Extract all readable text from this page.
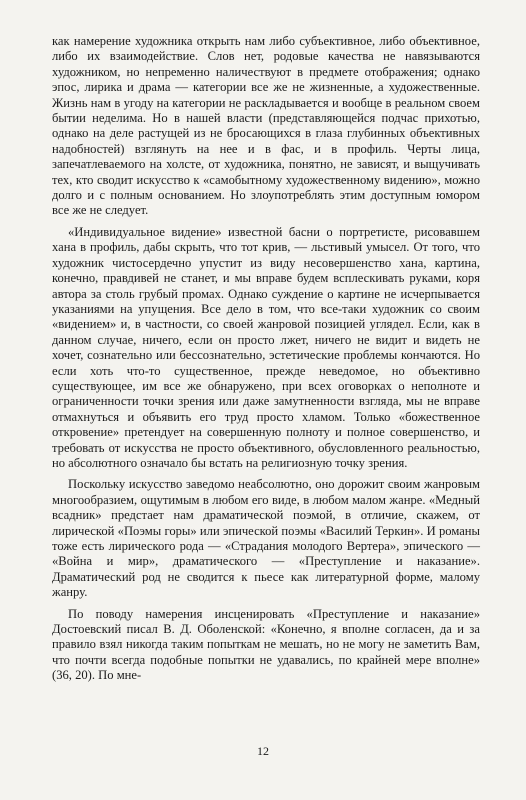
как намерение художника открыть нам либо субъективное, либо объективное, либо их взаимодействие. Слов нет, родовые качества не навязываются художником, но непременно наличествуют в предмете отображения; однако эпос, лирика и драма — категории все же не жизненные, а художественные. Жизнь нам в угоду на категории не раскладывается и вообще в реальном своем бытии неделима. Но в нашей власти (представляющейся подчас прихотью, однако на деле растущей из не бросающихся в глаза глубинных объективных надобностей) взглянуть на нее и в фас, и в профиль. Черты лица, запечатлеваемого на холсте, от художника, понятно, не зависят, и выщучивать тех, кто сводит искусство к «самобытному художественному видению», можно долго и с полным основанием. Но злоупотреблять этим доступным юмором все же не следует.

«Индивидуальное видение» известной басни о портретисте, рисовавшем хана в профиль, дабы скрыть, что тот крив, — льстивый умысел. От того, что художник чистосердечно упустит из виду несовершенство хана, картина, конечно, правдивей не станет, и мы вправе будем всплескивать руками, коря автора за столь грубый промах. Однако суждение о картине не исчерпывается указаниями на упущения. Все дело в том, что все-таки художник со своим «видением» и, в частности, со своей жанровой позицией углядел. Если, как в данном случае, ничего, если он просто лжет, ничего не видит и видеть не хочет, сознательно или бессознательно, эстетические проблемы кончаются. Но если хоть что-то существенное, прежде неведомое, но объективно существующее, им все же обнаружено, при всех оговорках о неполноте и ограниченности точки зрения или даже замутненности взгляда, мы не вправе отмахнуться и объявить его труд просто хламом. Только «божественное откровение» претендует на совершенную полноту и полное совершенство, и требовать от искусства не просто объективного, обусловленного реальностью, но абсолютного означало бы встать на религиозную точку зрения.

Поскольку искусство заведомо неабсолютно, оно дорожит своим жанровым многообразием, ощутимым в любом его виде, в любом малом жанре. «Медный всадник» предстает нам драматической поэмой, в отличие, скажем, от лирической «Поэмы горы» или эпической поэмы «Василий Теркин». И романы тоже есть лирического рода — «Страдания молодого Вертера», эпического — «Война и мир», драматического — «Преступление и наказание». Драматический род не сводится к пьесе как литературной форме, малому жанру.

По поводу намерения инсценировать «Преступление и наказание» Достоевский писал В. Д. Оболенской: «Конечно, я вполне согласен, да и за правило взял никогда таким попыткам не мешать, но не могу не заметить Вам, что почти всегда подобные попытки не удавались, по крайней мере вполне» (36, 20). По мне-

12
